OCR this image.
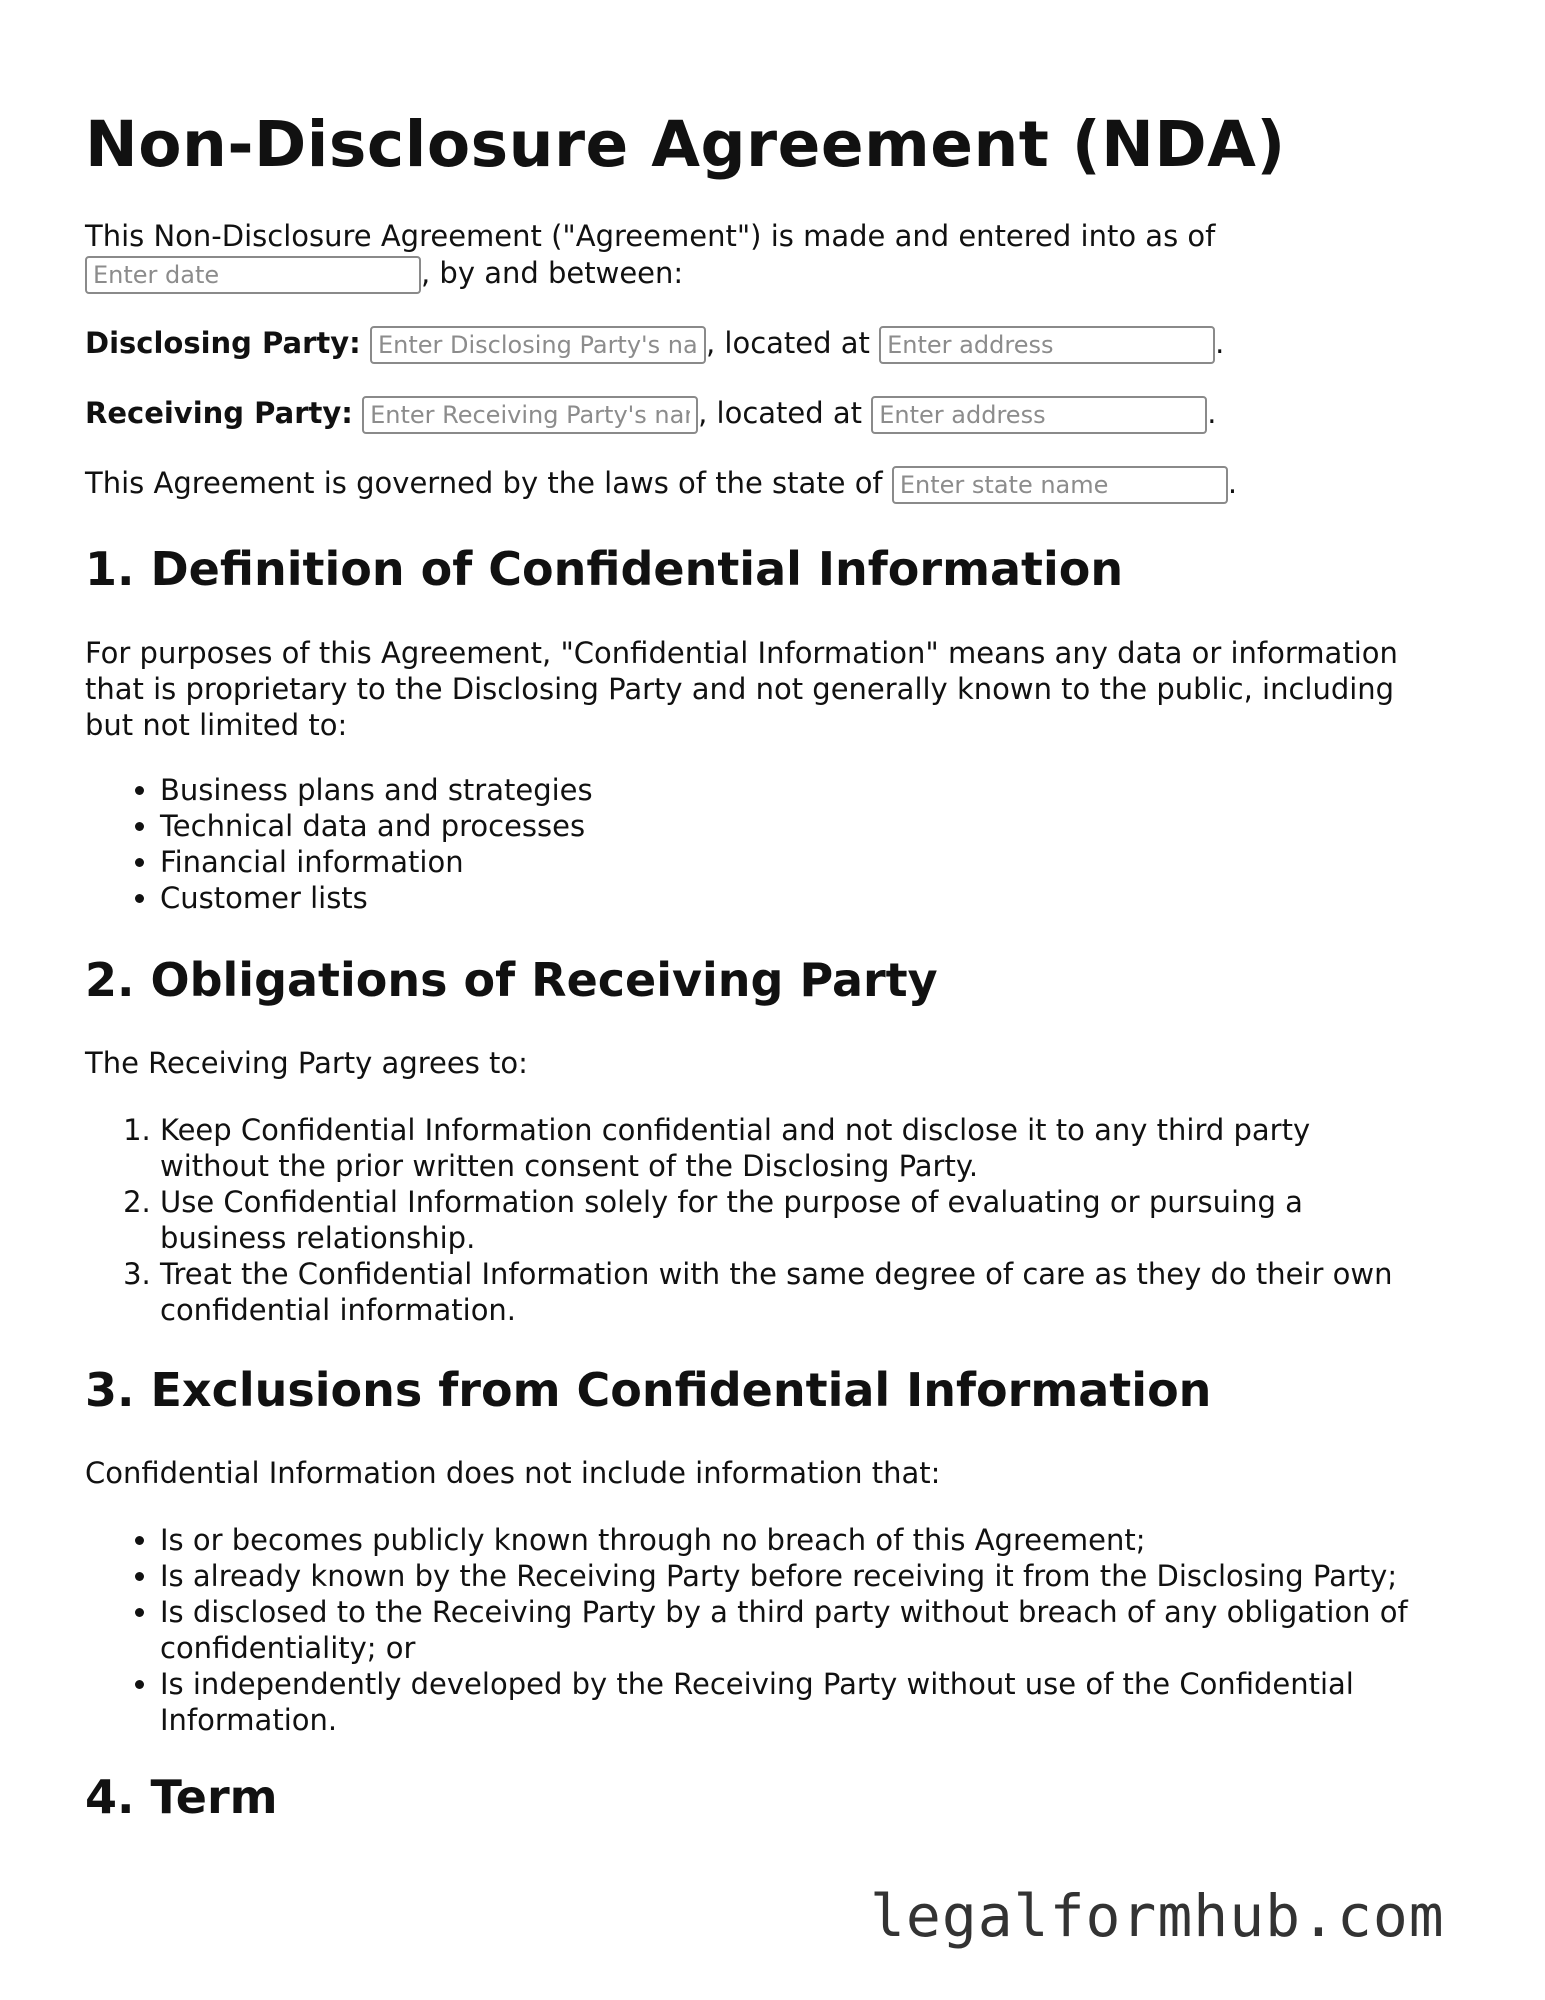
Non-Disclosure Agreement (NDA)

This Non-Disclosure Agreement ("Agreement") is made and entered into as of

Enter date, by and between:

Disclosing Party: Enter Disclosing Party's name	, located at Enter address	.

Receiving Party: Enter Receiving Party's name	, located at Enter address	.

This Agreement is governed by the laws of the state of Enter state name	.

1. Definition of Confidential Information

For purposes of this Agreement, "Confidential Information" means any data or information
that is proprietary to the Disclosing Party and not generally known to the public, including
but not limited to:

• Business plans and strategies
• Technical data and processes
• Financial information
• Customer lists
2. Obligations of Receiving Party

The Receiving Party agrees to:

1. Keep Confidential Information confidential and not disclose it to any third party
without the prior written consent of the Disclosing Party.
2. Use Confidential Information solely for the purpose of evaluating or pursuing a
business relationship.
3. Treat the Confidential Information with the same degree of care as they do their own
confidential information.
3. Exclusions from Confidential Information

Confidential Information does not include information that:

• Is or becomes publicly known through no breach of this Agreement;
• Is already known by the Receiving Party before receiving it from the Disclosing Party;
• Is disclosed to the Receiving Party by a third party without breach of any obligation of
confidentiality; or
• Is independently developed by the Receiving Party without use of the Confidential
Information.
4. Term
legalformhub.com
